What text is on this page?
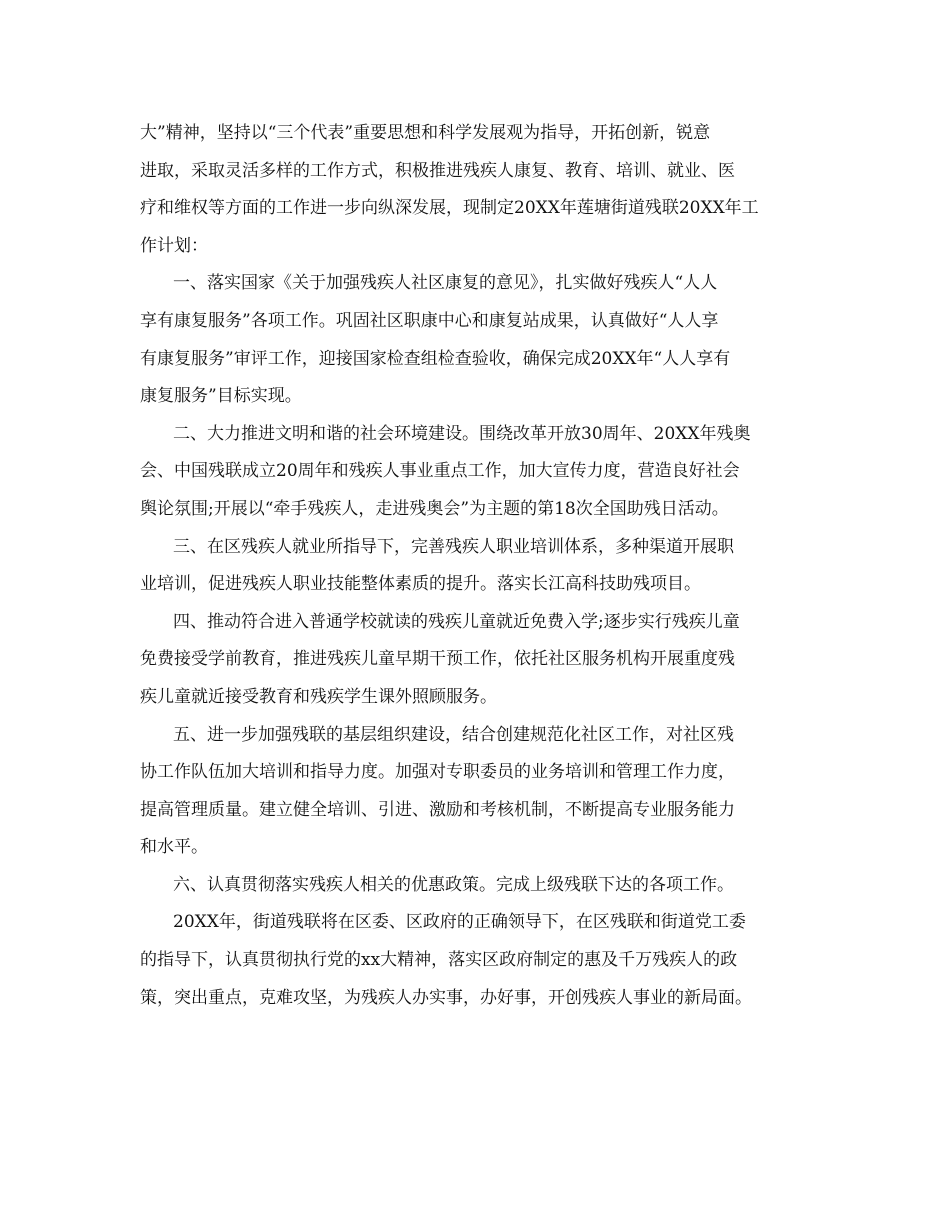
大”精神，坚持以“三个代表”重要思想和科学发展观为指导，开拓创新，锐意
进取，采取灵活多样的工作方式，积极推进残疾人康复、教育、培训、就业、医
疗和维权等方面的工作进一步向纵深发展，现制定20XX年莲塘街道残联20XX年工
作计划：
一、落实国家《关于加强残疾人社区康复的意见》，扎实做好残疾人“人人
享有康复服务”各项工作。巩固社区职康中心和康复站成果，认真做好“人人享
有康复服务”审评工作，迎接国家检查组检查验收，确保完成20XX年“人人享有
康复服务”目标实现。
二、大力推进文明和谐的社会环境建设。围绕改革开放30周年、20XX年残奥
会、中国残联成立20周年和残疾人事业重点工作，加大宣传力度，营造良好社会
舆论氛围;开展以“牵手残疾人，走进残奥会”为主题的第18次全国助残日活动。
三、在区残疾人就业所指导下，完善残疾人职业培训体系，多种渠道开展职
业培训，促进残疾人职业技能整体素质的提升。落实长江高科技助残项目。
四、推动符合进入普通学校就读的残疾儿童就近免费入学;逐步实行残疾儿童
免费接受学前教育，推进残疾儿童早期干预工作，依托社区服务机构开展重度残
疾儿童就近接受教育和残疾学生课外照顾服务。
五、进一步加强残联的基层组织建设，结合创建规范化社区工作，对社区残
协工作队伍加大培训和指导力度。加强对专职委员的业务培训和管理工作力度，
提高管理质量。建立健全培训、引进、激励和考核机制，不断提高专业服务能力
和水平。
六、认真贯彻落实残疾人相关的优惠政策。完成上级残联下达的各项工作。
20XX年，街道残联将在区委、区政府的正确领导下，在区残联和街道党工委
的指导下，认真贯彻执行党的xx大精神，落实区政府制定的惠及千万残疾人的政
策，突出重点，克难攻坚，为残疾人办实事，办好事，开创残疾人事业的新局面。
